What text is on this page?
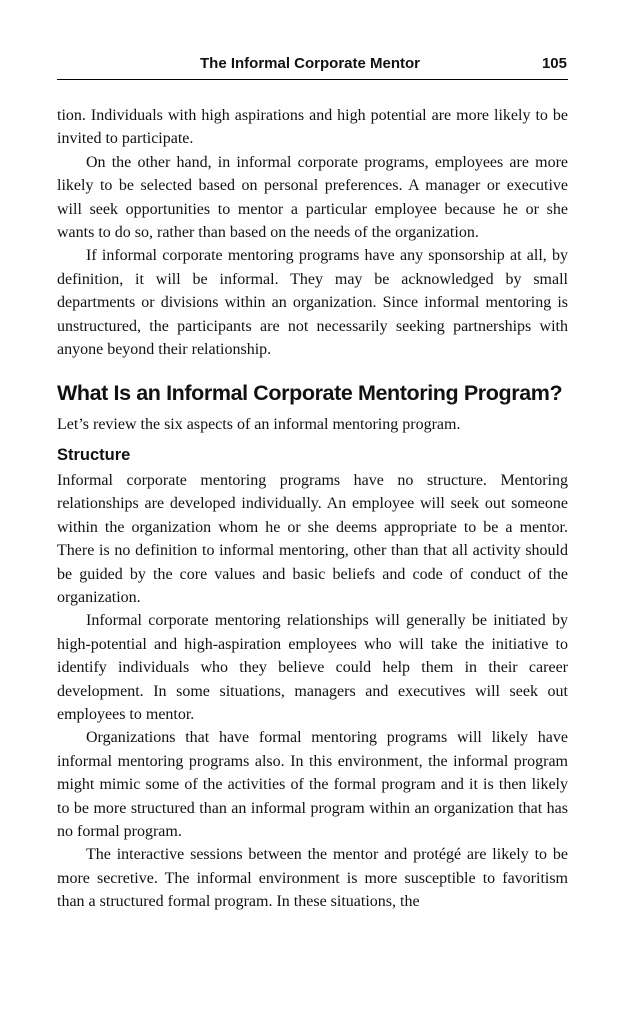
The Informal Corporate Mentor	105

tion. Individuals with high aspirations and high potential are more likely to be invited to participate.

On the other hand, in informal corporate programs, employees are more likely to be selected based on personal preferences. A manager or executive will seek opportunities to mentor a particular employee because he or she wants to do so, rather than based on the needs of the organization.

If informal corporate mentoring programs have any sponsorship at all, by definition, it will be informal. They may be acknowledged by small departments or divisions within an organization. Since informal mentoring is unstructured, the participants are not necessarily seeking partnerships with anyone beyond their relationship.

What Is an Informal Corporate Mentoring Program?

Let’s review the six aspects of an informal mentoring program.

Structure

Informal corporate mentoring programs have no structure. Mentoring relationships are developed individually. An employee will seek out someone within the organization whom he or she deems appropriate to be a mentor. There is no definition to informal mentoring, other than that all activity should be guided by the core values and basic beliefs and code of conduct of the organization.

Informal corporate mentoring relationships will generally be initiated by high-potential and high-aspiration employees who will take the initiative to identify individuals who they believe could help them in their career development. In some situations, managers and executives will seek out employees to mentor.

Organizations that have formal mentoring programs will likely have informal mentoring programs also. In this environment, the informal program might mimic some of the activities of the formal program and it is then likely to be more structured than an informal program within an organization that has no formal program.

The interactive sessions between the mentor and protégé are likely to be more secretive. The informal environment is more susceptible to favoritism than a structured formal program. In these situations, the
